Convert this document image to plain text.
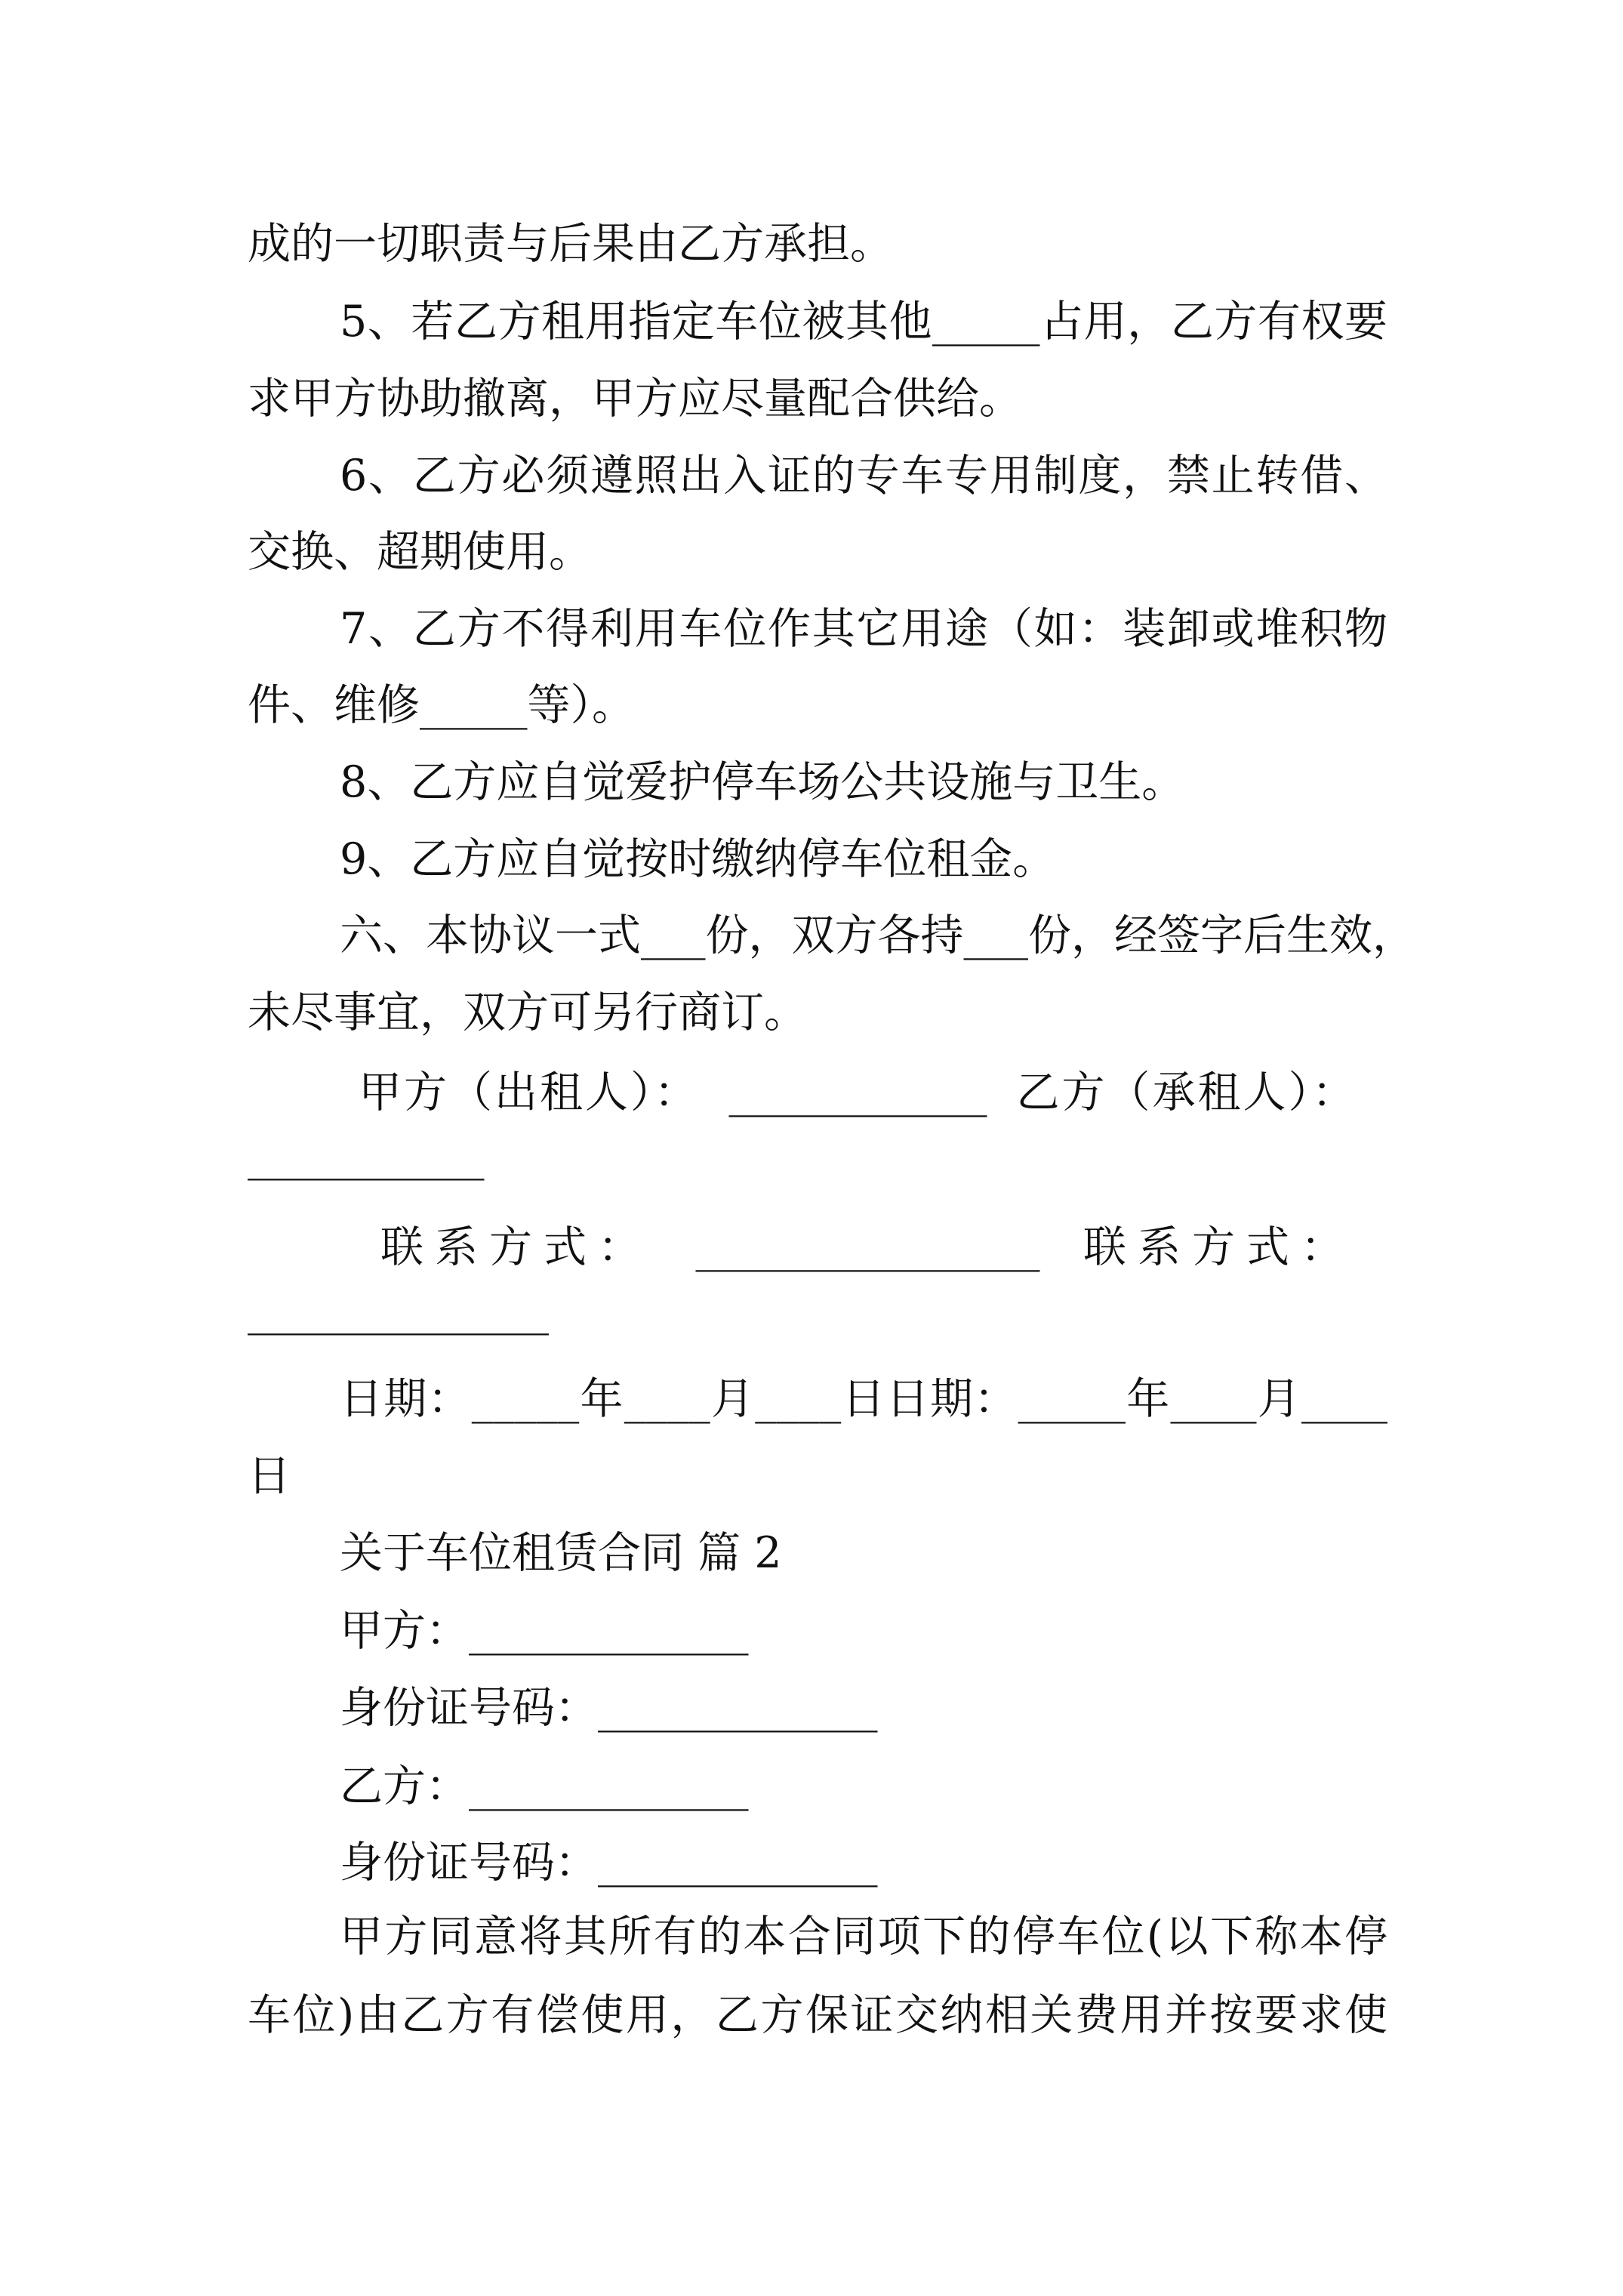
成的一切职责与后果由乙方承担。
5、若乙方租用指定车位被其他_____占用，乙方有权要
求甲方协助撤离，甲方应尽量配合供给。
6、乙方必须遵照出入证的专车专用制度，禁止转借、
交换、超期使用。
7、乙方不得利用车位作其它用途（如：装卸或堆积物
件、维修_____等）。
8、乙方应自觉爱护停车场公共设施与卫生。
9、乙方应自觉按时缴纳停车位租金。
六、本协议一式___份，双方各持___份，经签字后生效，
未尽事宜，双方可另行商订。
甲方（出租人）： ____________ 乙方（承租人）：
___________
联系方式： ________________ 联系方式：
______________
日期：_____年____月____日日期：_____年____月____
日
关于车位租赁合同 篇 2
甲方：_____________
身份证号码：_____________
乙方：_____________
身份证号码：_____________
甲方同意将其所有的本合同项下的停车位(以下称本停
车位)由乙方有偿使用，乙方保证交纳相关费用并按要求使
